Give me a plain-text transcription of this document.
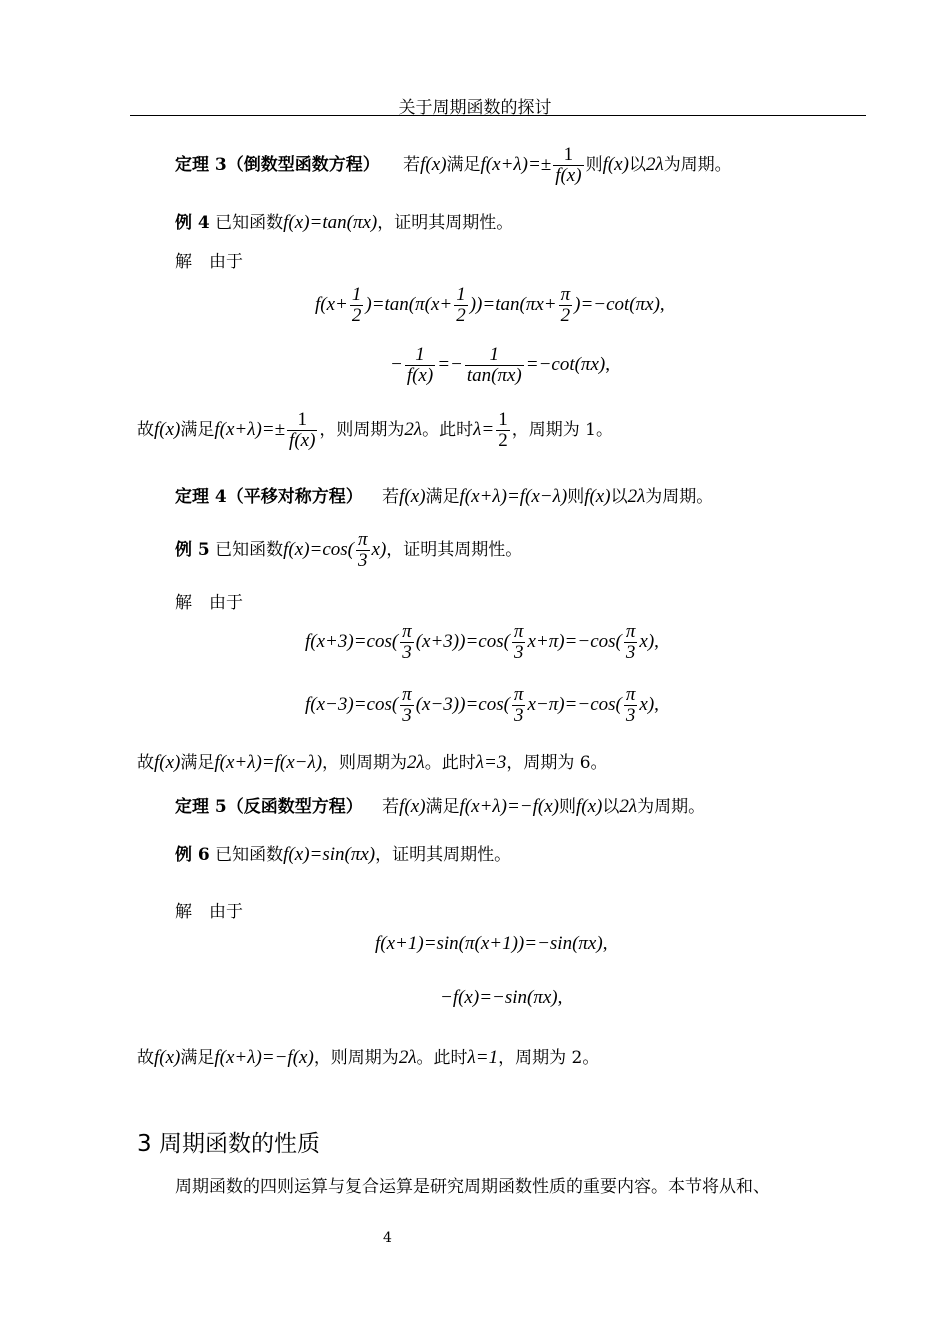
关于周期函数的探讨
定理 3（倒数型函数方程） 若f(x)满足$f(x+\lambda)=\pm \frac{1}{f(x)}$ 则f(x)以2λ为周期。
例 4 已知函数f(x)=tan(πx)，证明其周期性。
解　由于
$f(x+ \frac{1}{2} )=\tan(\pi(x+ \frac{1}{2} ))=\tan(\pi x+ \frac{\pi}{2} )=-\cot(\pi x)$,
− $\frac{1}{f(x)} =- \frac{1}{\tan(\pi x)} =-\cot(\pi x)$,
故f(x)满足$f(x+\lambda)=\pm \frac{1}{f(x)}$ ，则周期为2λ。此时$\lambda= \frac{1}{2}$ ，周期为 1。
定理 4（平移对称方程） 若f(x)满足f(x+λ)=f(x−λ)则f(x)以2λ为周期。
例 5 已知函数$f(x)=\cos( \frac{\pi}{3} x)$，证明其周期性。
解　由于
$f(x+3)=\cos( \frac{\pi}{3} (x+3))=\cos( \frac{\pi}{3} x+\pi)=-\cos( \frac{\pi}{3} x)$,
$f(x-3)=\cos( \frac{\pi}{3} (x-3))=\cos( \frac{\pi}{3} x-\pi)=-\cos( \frac{\pi}{3} x)$,
故f(x)满足f(x+λ)=f(x−λ)，则周期为2λ。此时λ=3，周期为 6。
定理 5（反函数型方程） 若f(x)满足f(x+λ)=−f(x)则f(x)以2λ为周期。
例 6 已知函数f(x)=sin(πx)，证明其周期性。
解　由于
f(x+1)=sin(π(x+1))=−sin(πx),
−f(x)=−sin(πx),
故f(x)满足f(x+λ)=−f(x)，则周期为2λ。此时λ=1，周期为 2。
3 周期函数的性质
周期函数的四则运算与复合运算是研究周期函数性质的重要内容。本节将从和、
4
